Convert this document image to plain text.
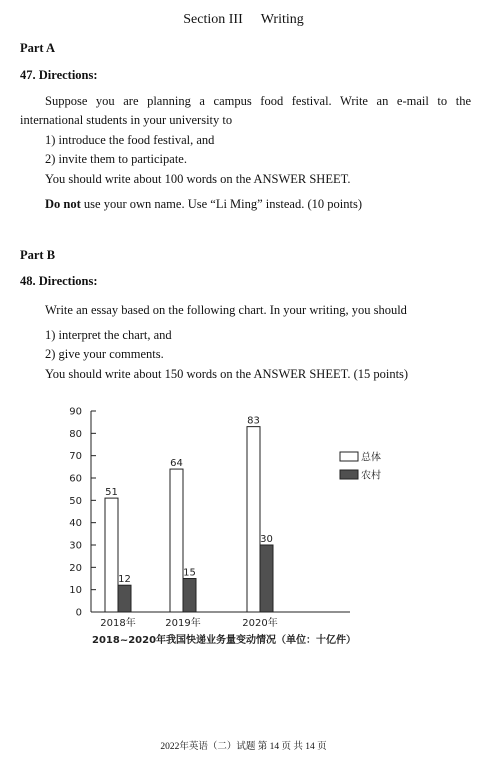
Section III Writing
Part A
47. Directions:
Suppose you are planning a campus food festival. Write an e-mail to the
international students in your university to
1) introduce the food festival, and
2) invite them to participate.
You should write about 100 words on the ANSWER SHEET.
Do not use your own name. Use “Li Ming” instead. (10 points)
Part B
48. Directions:
Write an essay based on the following chart. In your writing, you should
1) interpret the chart, and
2) give your comments.
You should write about 150 words on the ANSWER SHEET. (15 points)
0
10
20
30
40
50
60
70
80
90
51
12
2018年
64
15
2019年
83
30
2020年
总体
农村
2018~2020年我国快递业务量变动情况（单位：十亿件）
2022年英语（二）试题 第 14 页 共 14 页
